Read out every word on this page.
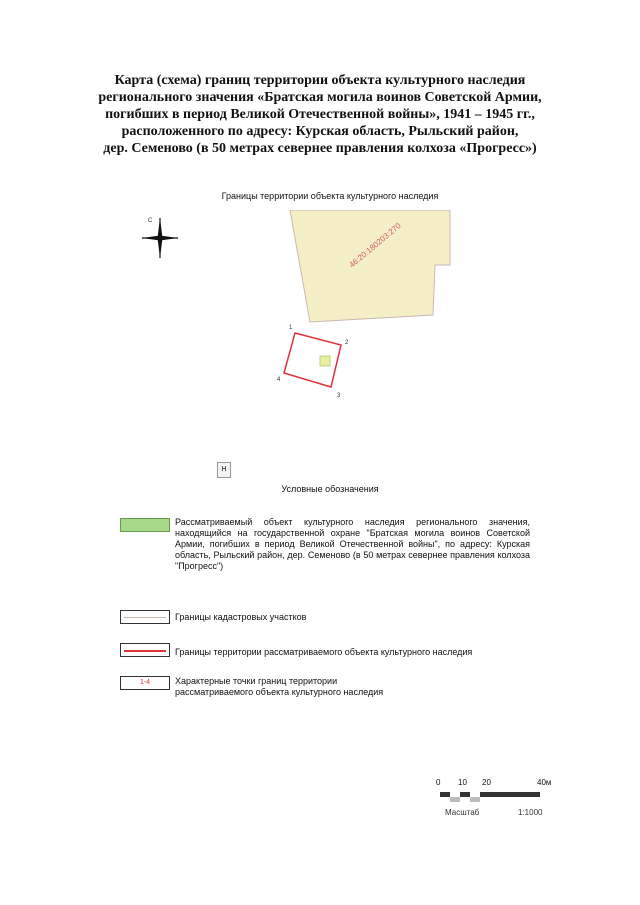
Карта (схема) границ территории объекта культурного наследия
регионального значения «Братская могила воинов Советской Армии,
погибших в период Великой Отечественной войны», 1941 – 1945 гг.,
расположенного по адресу: Курская область, Рыльский район,
дер. Семеново (в 50 метрах севернее правления колхоза «Прогресс»)
Границы территории объекта культурного наследия
С
46:20:180203:270
1
2
3
4
Н
Условные обозначения
Рассматриваемый объект культурного наследия регионального значения, находящийся на государственной охране "Братская могила воинов Советской Армии, погибших в период Великой Отечественной войны", по адресу: Курская область, Рыльский район, дер. Семеново (в 50 метрах севернее правления колхоза "Прогресс")
Границы кадастровых участков
Границы территории рассматриваемого объекта культурного наследия
1-4	Характерные точки границ территории рассматриваемого объекта культурного наследия
0 10 20	40м
Масштаб	1:1000
